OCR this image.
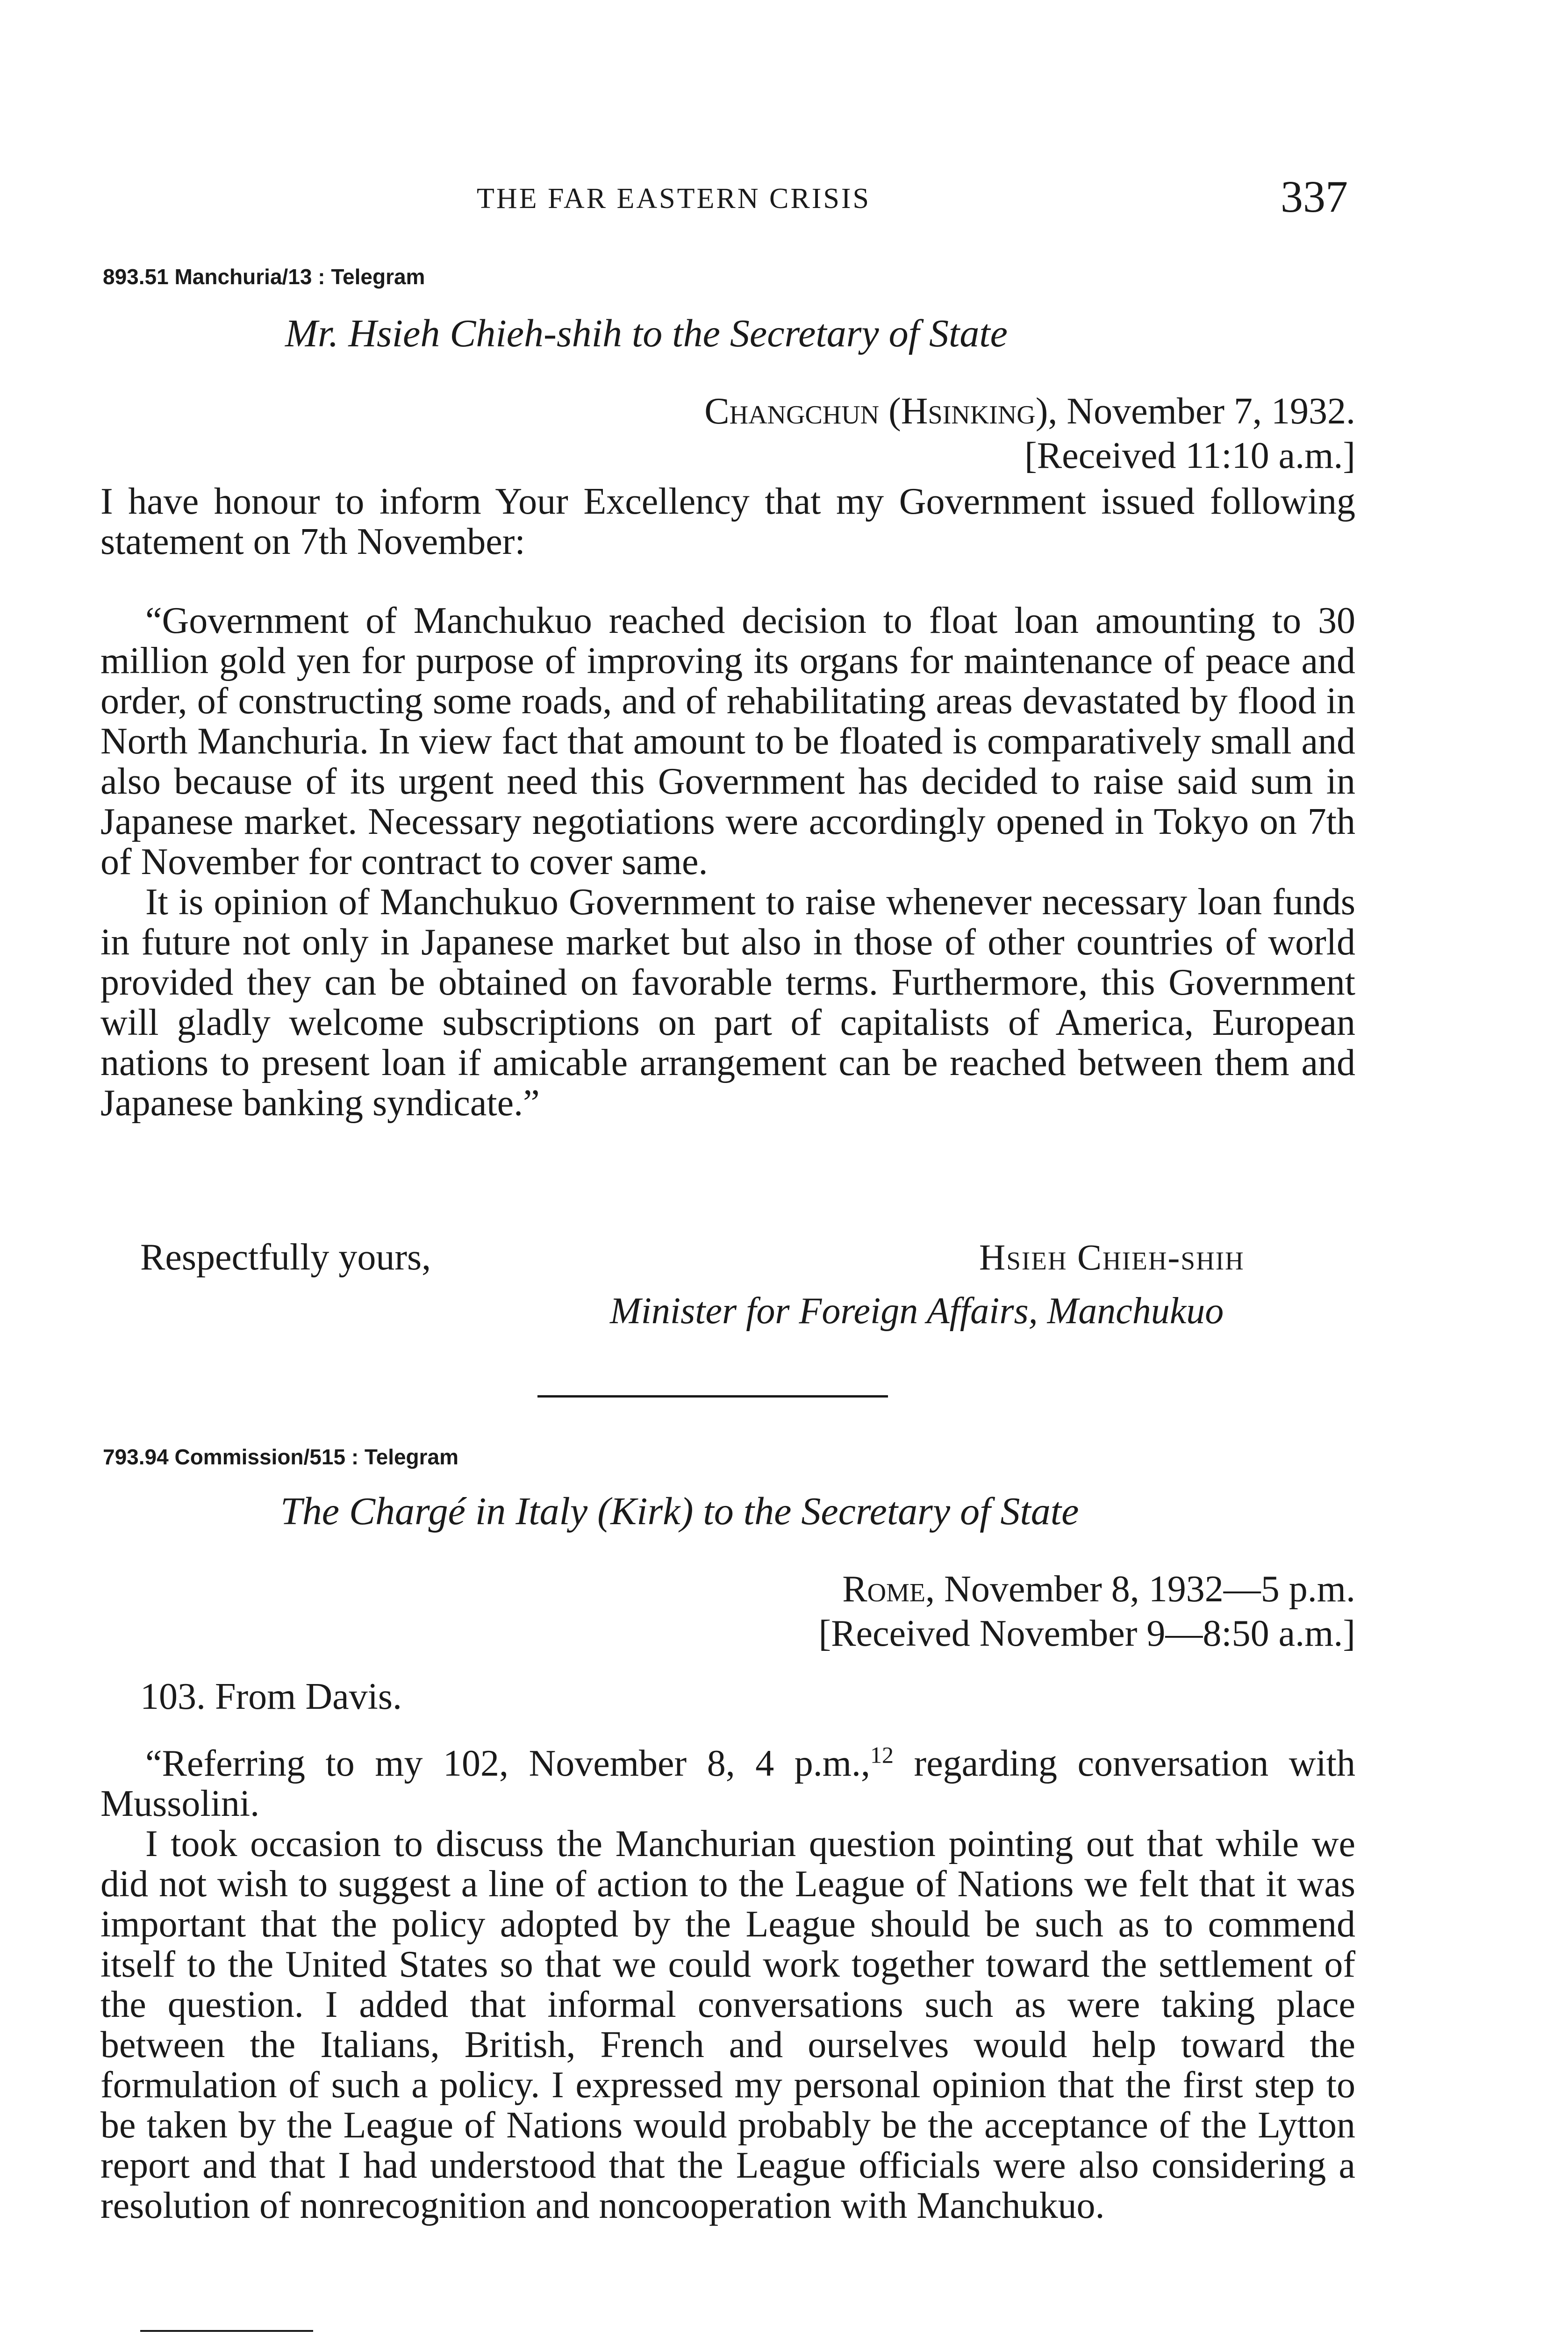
THE FAR EASTERN CRISIS	337
893.51 Manchuria/13 : Telegram
Mr. Hsieh Chieh-shih to the Secretary of State
Changchun (Hsinking), November 7, 1932.
[Received 11:10 a.m.]

I have honour to inform Your Excellency that my Government issued following statement on 7th November:

“Government of Manchukuo reached decision to float loan amounting to 30 million gold yen for purpose of improving its organs for maintenance of peace and order, of constructing some roads, and of rehabilitating areas devastated by flood in North Manchuria. In view fact that amount to be floated is comparatively small and also because of its urgent need this Government has decided to raise said sum in Japanese market. Necessary negotiations were accordingly opened in Tokyo on 7th of November for contract to cover same.

It is opinion of Manchukuo Government to raise whenever necessary loan funds in future not only in Japanese market but also in those of other countries of world provided they can be obtained on favorable terms. Furthermore, this Government will gladly welcome subscriptions on part of capitalists of America, European nations to present loan if amicable arrangement can be reached between them and Japanese banking syndicate.”

Respectfully yours,	Hsieh Chieh-shih
Minister for Foreign Affairs, Manchukuo
793.94 Commission/515 : Telegram
The Chargé in Italy (Kirk) to the Secretary of State
Rome, November 8, 1932—5 p.m.
[Received November 9—8:50 a.m.]
103. From Davis.

“Referring to my 102, November 8, 4 p.m.,$^{12}$ regarding conversation with Mussolini.

I took occasion to discuss the Manchurian question pointing out that while we did not wish to suggest a line of action to the League of Nations we felt that it was important that the policy adopted by the League should be such as to commend itself to the United States so that we could work together toward the settlement of the question. I added that informal conversations such as were taking place between the Italians, British, French and ourselves would help toward the formulation of such a policy. I expressed my personal opinion that the first step to be taken by the League of Nations would probably be the acceptance of the Lytton report and that I had understood that the League officials were also considering a resolution of nonrecognition and noncooperation with Manchukuo.
